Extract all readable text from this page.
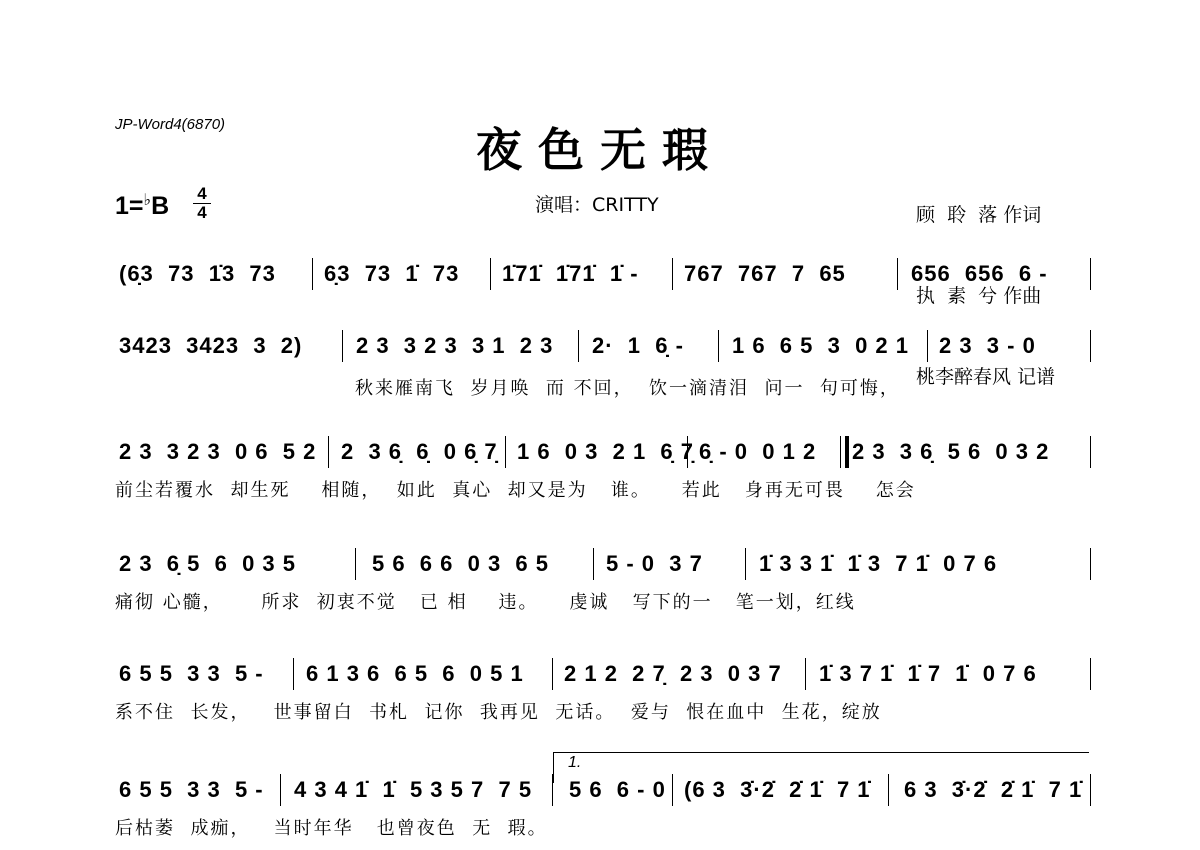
JP-Word4(6870)	夜色无瑕
演唱：CRITTY

	顾  聆  落 作词

执  素  兮 作曲

桃李醉春风 记谱

1=♭B 4
4
1.
(6̣3  73  1̇3  73 6̣3  73  1̇  73 1̇71̇  1̇71̇  1̇ - 767  767  7  65	656  656  6 -
3423  3423  3  2) 2 3  3 2 3  3 1  2 3 2·  1  6̣ - 1 6  6 5  3  0 2 1 2 3  3 - 0
秋来雁南飞  岁月唤  而 不回，  饮一滴清泪  问一  句可悔，
2 3  3 2 3  0 6  5 2 2  3 6̣  6̣  0 6̣ 7̣ 1 6  0 3  2 1  6̣ 7̣ 6̣ - 0  0 1 2 2 3  3 6̣  5 6  0 3 2
前尘若覆水  却生死    相随，  如此  真心  却又是为   谁。    若此   身再无可畏    怎会
2 3  6̣ 5  6  0 3 5	5 6  6 6  0 3  6 5	5 - 0  3 7	1̇ 3 3 1̇  1̇ 3  7 1̇  0 7 6
痛彻 心髓，     所求  初衷不觉   已 相    违。    虔诚   写下的一   笔一划，红线
6 5 5  3 3  5 - 6 1 3 6  6 5  6  0 5 1 2 1 2  2 7̣  2 3  0 3 7 1̇ 3 7 1̇  1̇ 7  1̇  0 7 6
系不住  长发，   世事留白  书札  记你  我再见  无话。  爱与  恨在血中  生花，绽放
6 5 5  3 3  5 - 4 3 4 1̇  1̇  5 3 5 7  7 5 5 6  6 - 0 (6 3  3̇·2̇  2̇ 1̇  7 1̇ 6 3  3̇·2̇  2̇ 1̇  7 1̇
后枯萎  成痂，   当时年华   也曾夜色  无  瑕。
